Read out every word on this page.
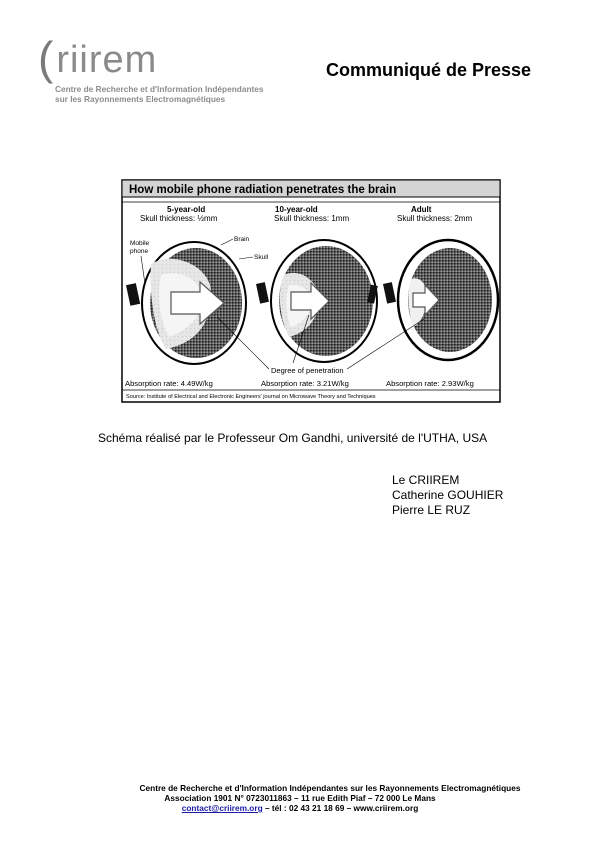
(riirem
Centre de Recherche et d'Information Indépendantes
sur les Rayonnements Electromagnétiques
Communiqué de Presse
How mobile phone radiation penetrates the brain
5-year-old
Skull thickness: ½mm
10-year-old
Skull thickness: 1mm
Adult
Skull thickness: 2mm
Mobile
phone
Brain
Skull
Degree of penetration
Absorption rate: 4.49W/kg	Absorption rate: 3.21W/kg	Absorption rate: 2.93W/kg
Source: Institute of Electrical and Electronic Engineers' journal on Microwave Theory and Techniques
Schéma réalisé par le Professeur Om Gandhi, université de l'UTHA, USA
Le CRIIREM
Catherine GOUHIER
Pierre LE RUZ
Centre de Recherche et d'Information Indépendantes sur les Rayonnements Electromagnétiques
Association 1901 N° 0723011863 – 11 rue Edith Piaf – 72 000 Le Mans
contact@criirem.org – tél : 02 43 21 18 69 – www.criirem.org
